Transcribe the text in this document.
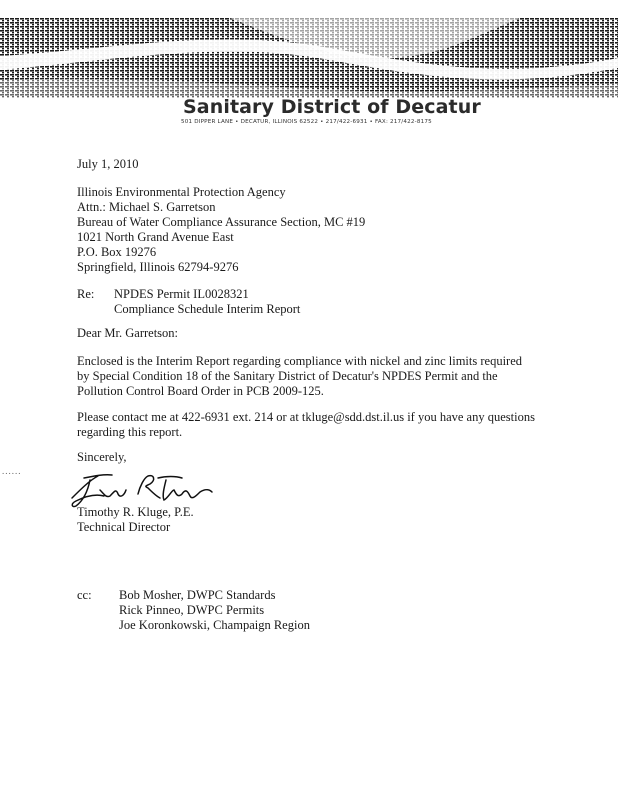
Sanitary District of Decatur
501 DIPPER LANE • DECATUR, ILLINOIS 62522 • 217/422-6931 • FAX: 217/422-8175
July 1, 2010
Illinois Environmental Protection Agency
Attn.: Michael S. Garretson
Bureau of Water Compliance Assurance Section, MC #19
1021 North Grand Avenue East
P.O. Box 19276
Springfield, Illinois 62794-9276
Re: NPDES Permit IL0028321
Compliance Schedule Interim Report
Dear Mr. Garretson:
Enclosed is the Interim Report regarding compliance with nickel and zinc limits required
by Special Condition 18 of the Sanitary District of Decatur's NPDES Permit and the
Pollution Control Board Order in PCB 2009-125.
Please contact me at 422-6931 ext. 214 or at tkluge@sdd.dst.il.us if you have any questions
regarding this report.
Sincerely,
......
Timothy R. Kluge, P.E.
Technical Director
cc: Bob Mosher, DWPC Standards
Rick Pinneo, DWPC Permits
Joe Koronkowski, Champaign Region
